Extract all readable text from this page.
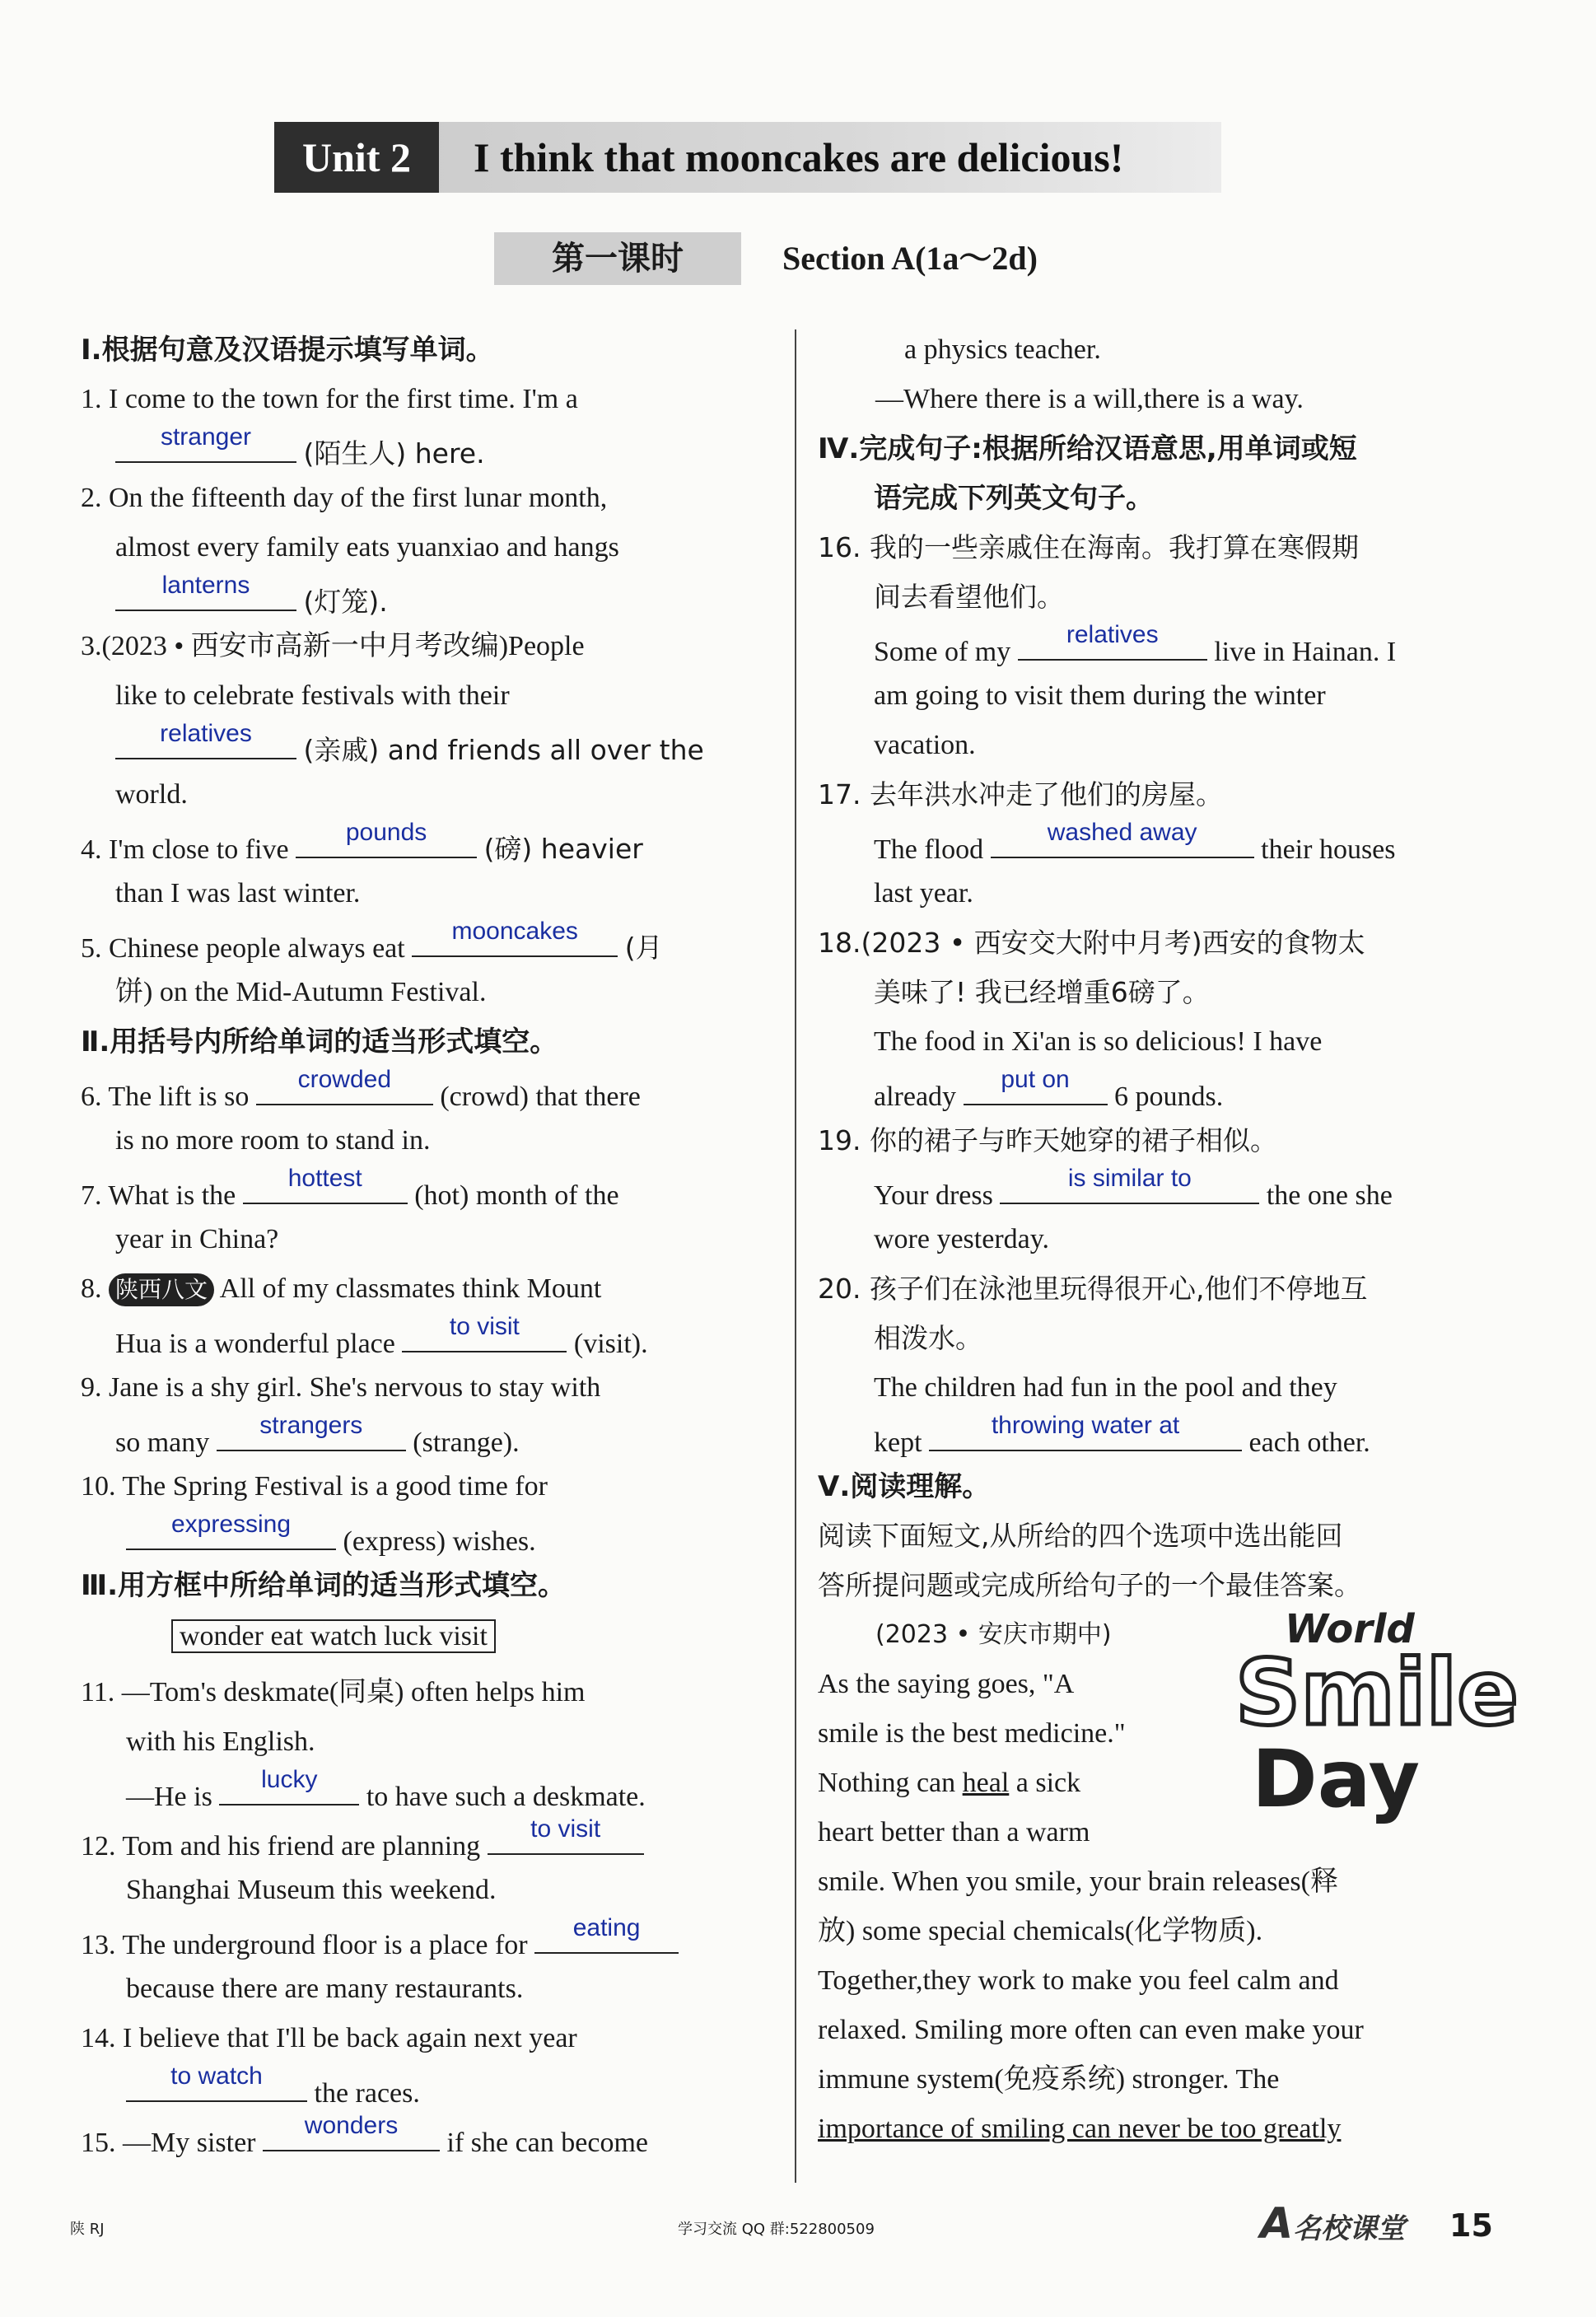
Unit 2	I think that mooncakes are delicious!
第一课时	Section A(1a～2d)
Ⅰ.根据句意及汉语提示填写单词。
1. I come to the town for the first time. I'm a
stranger
(陌生人) here.
2. On the fifteenth day of the first lunar month,
almost every family eats yuanxiao and hangs
lanterns
(灯笼).
3.(2023 • 西安市高新一中月考改编)People
like to celebrate festivals with their
relatives
(亲戚) and friends all over the
world.
4. I'm close to five
pounds
(磅) heavier
than I was last winter.
5. Chinese people always eat
mooncakes
(月
饼) on the Mid-Autumn Festival.
Ⅱ.用括号内所给单词的适当形式填空。
6. The lift is so
crowded
(crowd) that there
is no more room to stand in.
7. What is the
hottest
(hot) month of the
year in China?
8. 陕西八文 All of my classmates think Mount
Hua is a wonderful place
to visit
(visit).
9. Jane is a shy girl. She's nervous to stay with
so many
strangers
(strange).
10. The Spring Festival is a good time for
expressing
(express) wishes.
Ⅲ.用方框中所给单词的适当形式填空。
wonder eat watch luck visit
11. —Tom's deskmate(同桌) often helps him
with his English.
—He is
lucky
to have such a deskmate.
12. Tom and his friend are planning
to visit
Shanghai Museum this weekend.
13. The underground floor is a place for
eating
because there are many restaurants.
14. I believe that I'll be back again next year
to watch
the races.
15. —My sister
wonders
if she can become
a physics teacher.
—Where there is a will,there is a way.
Ⅳ.完成句子:根据所给汉语意思,用单词或短
语完成下列英文句子。
16. 我的一些亲戚住在海南。我打算在寒假期
间去看望他们。
Some of my
relatives
live in Hainan. I
am going to visit them during the winter
vacation.
17. 去年洪水冲走了他们的房屋。
The flood
washed away
their houses
last year.
18.(2023 • 西安交大附中月考)西安的食物太
美味了! 我已经增重6磅了。
The food in Xi'an is so delicious! I have
already
put on
6 pounds.
19. 你的裙子与昨天她穿的裙子相似。
Your dress
is similar to
the one she
wore yesterday.
20. 孩子们在泳池里玩得很开心,他们不停地互
相泼水。
The children had fun in the pool and they
kept
throwing water at
each other.
Ⅴ.阅读理解。
阅读下面短文,从所给的四个选项中选出能回
答所提问题或完成所给句子的一个最佳答案。
(2023 • 安庆市期中)
As the saying goes, "A
smile is the best medicine."
Nothing can heal a sick
heart better than a warm
smile. When you smile, your brain releases(释
放) some special chemicals(化学物质).
Together,they work to make you feel calm and
relaxed. Smiling more often can even make your
immune system(免疫系统) stronger. The
importance of smiling can never be too greatly
World
Smile
Day
陕 RJ	学习交流 QQ 群:522800509	A名校课堂 15
